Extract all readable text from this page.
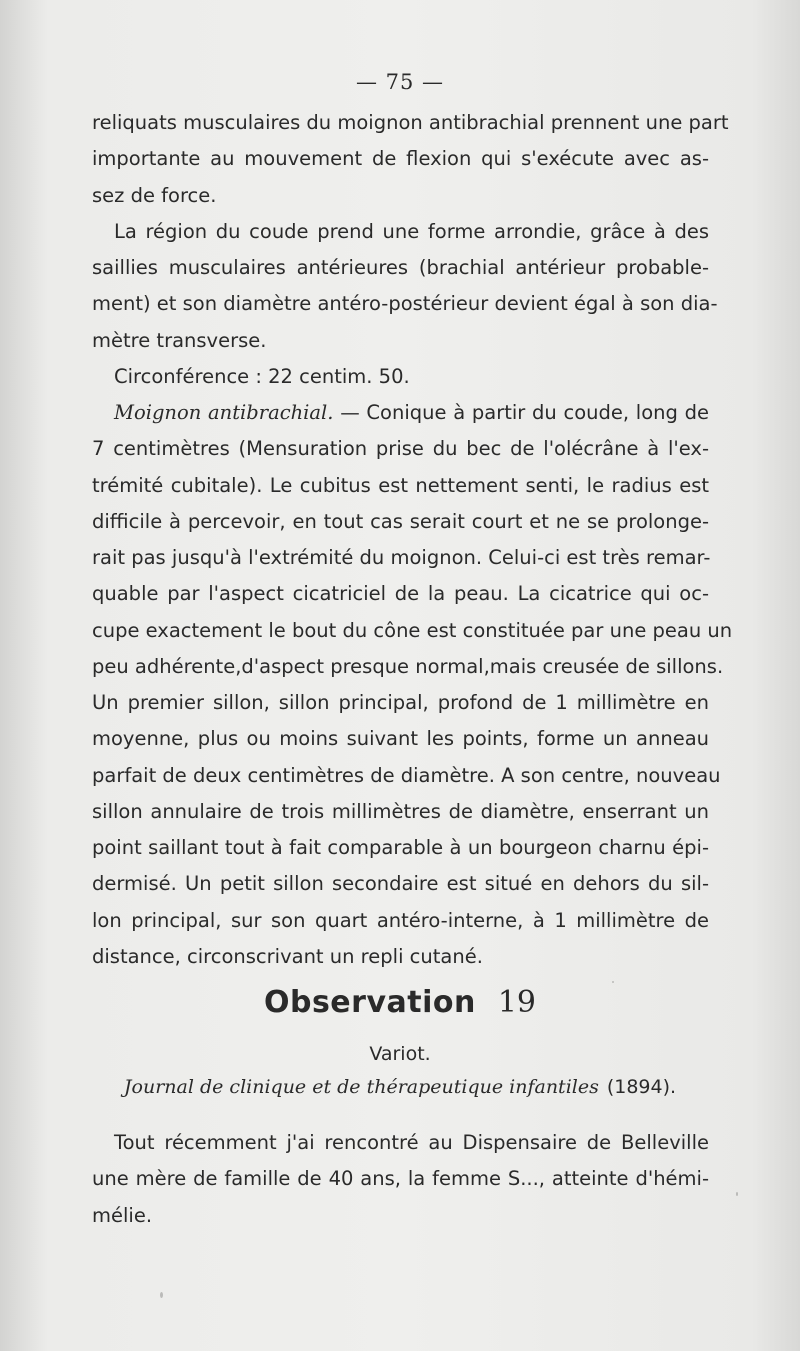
— 75 —
reliquats musculaires du moignon antibrachial prennent une part
importante au mouvement de flexion qui s'exécute avec as-
sez de force.
La région du coude prend une forme arrondie, grâce à des
saillies musculaires antérieures (brachial antérieur probable-
ment) et son diamètre antéro-postérieur devient égal à son dia-
mètre transverse.
Circonférence : 22 centim. 50.
Moignon antibrachial. — Conique à partir du coude, long de
7 centimètres (Mensuration prise du bec de l'olécrâne à l'ex-
trémité cubitale). Le cubitus est nettement senti, le radius est
difficile à percevoir, en tout cas serait court et ne se prolonge-
rait pas jusqu'à l'extrémité du moignon. Celui-ci est très remar-
quable par l'aspect cicatriciel de la peau. La cicatrice qui oc-
cupe exactement le bout du cône est constituée par une peau un
peu adhérente,d'aspect presque normal,mais creusée de sillons.
Un premier sillon, sillon principal, profond de 1 millimètre en
moyenne, plus ou moins suivant les points, forme un anneau
parfait de deux centimètres de diamètre. A son centre, nouveau
sillon annulaire de trois millimètres de diamètre, enserrant un
point saillant tout à fait comparable à un bourgeon charnu épi-
dermisé. Un petit sillon secondaire est situé en dehors du sil-
lon principal, sur son quart antéro-interne, à 1 millimètre de
distance, circonscrivant un repli cutané.
Observation 19
Variot.
Journal de clinique et de thérapeutique infantiles (1894).
Tout récemment j'ai rencontré au Dispensaire de Belleville
une mère de famille de 40 ans, la femme S..., atteinte d'hémi-
mélie.
